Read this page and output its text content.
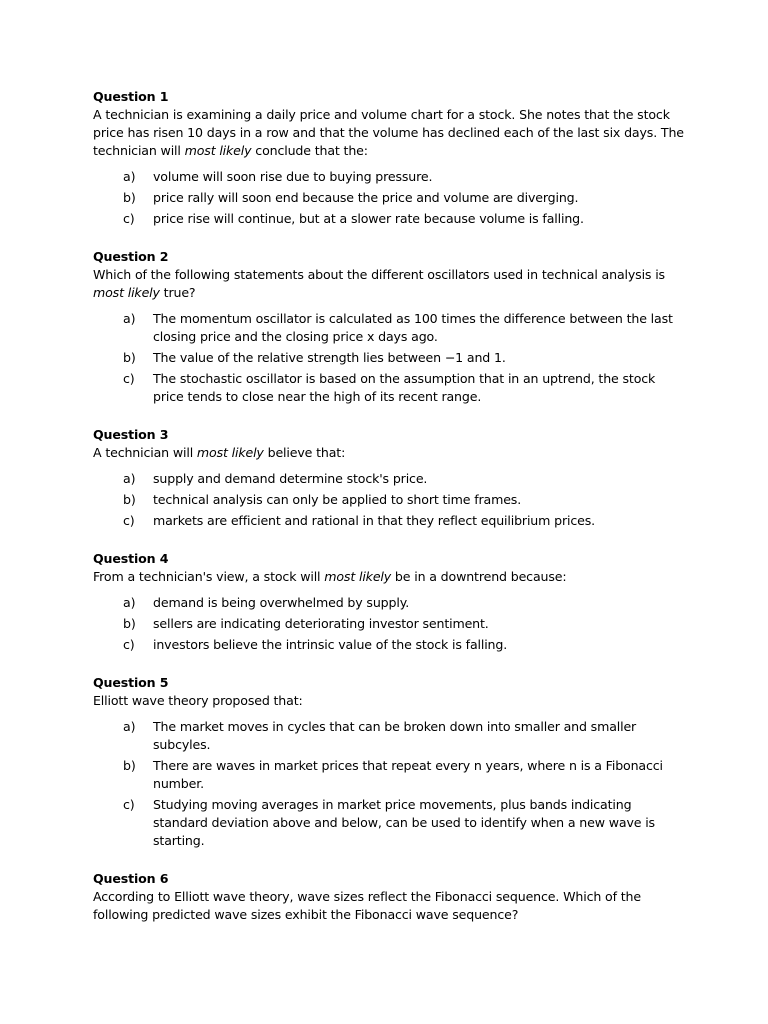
Question 1
A technician is examining a daily price and volume chart for a stock. She notes that the stock price has risen 10 days in a row and that the volume has declined each of the last six days. The technician will most likely conclude that the:
a)	volume will soon rise due to buying pressure.
b)	price rally will soon end because the price and volume are diverging.
c)	price rise will continue, but at a slower rate because volume is falling.
Question 2
Which of the following statements about the different oscillators used in technical analysis is most likely true?
a)	The momentum oscillator is calculated as 100 times the difference between the last closing price and the closing price x days ago.
b)	The value of the relative strength lies between −1 and 1.
c)	The stochastic oscillator is based on the assumption that in an uptrend, the stock price tends to close near the high of its recent range.
Question 3
A technician will most likely believe that:
a)	supply and demand determine stock's price.
b)	technical analysis can only be applied to short time frames.
c)	markets are efficient and rational in that they reflect equilibrium prices.
Question 4
From a technician's view, a stock will most likely be in a downtrend because:
a)	demand is being overwhelmed by supply.
b)	sellers are indicating deteriorating investor sentiment.
c)	investors believe the intrinsic value of the stock is falling.
Question 5
Elliott wave theory proposed that:
a)	The market moves in cycles that can be broken down into smaller and smaller subcyles.
b)	There are waves in market prices that repeat every n years, where n is a Fibonacci number.
c)	Studying moving averages in market price movements, plus bands indicating standard deviation above and below, can be used to identify when a new wave is starting.
Question 6
According to Elliott wave theory, wave sizes reflect the Fibonacci sequence. Which of the following predicted wave sizes exhibit the Fibonacci wave sequence?
